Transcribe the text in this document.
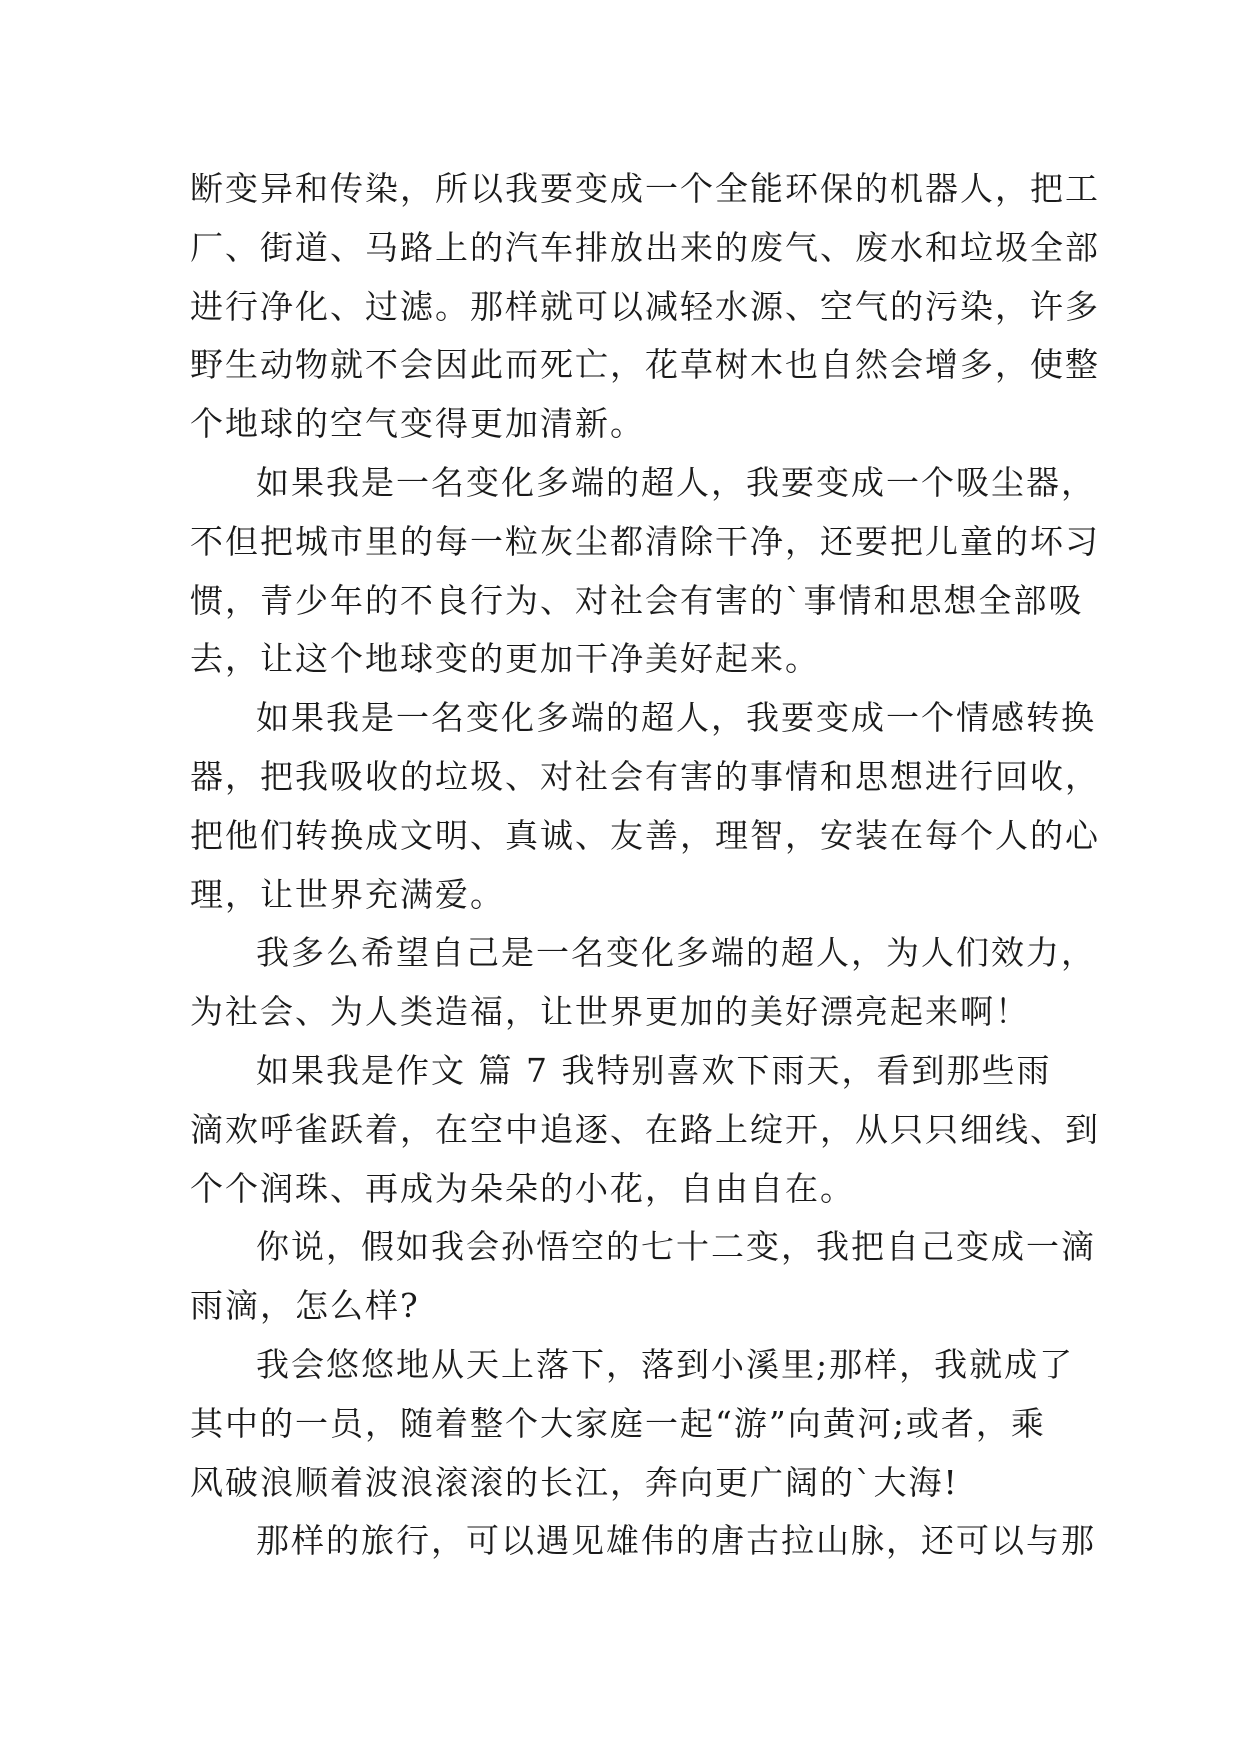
断变异和传染，所以我要变成一个全能环保的机器人，把工
厂、街道、马路上的汽车排放出来的废气、废水和垃圾全部
进行净化、过滤。那样就可以减轻水源、空气的污染，许多
野生动物就不会因此而死亡，花草树木也自然会增多，使整
个地球的空气变得更加清新。
如果我是一名变化多端的超人，我要变成一个吸尘器，
不但把城市里的每一粒灰尘都清除干净，还要把儿童的坏习
惯，青少年的不良行为、对社会有害的`事情和思想全部吸
去，让这个地球变的更加干净美好起来。
如果我是一名变化多端的超人，我要变成一个情感转换
器，把我吸收的垃圾、对社会有害的事情和思想进行回收，
把他们转换成文明、真诚、友善，理智，安装在每个人的心
理，让世界充满爱。
我多么希望自己是一名变化多端的超人，为人们效力，
为社会、为人类造福，让世界更加的美好漂亮起来啊！
如果我是作文 篇 7 我特别喜欢下雨天，看到那些雨
滴欢呼雀跃着，在空中追逐、在路上绽开，从只只细线、到
个个润珠、再成为朵朵的小花，自由自在。
你说，假如我会孙悟空的七十二变，我把自己变成一滴
雨滴，怎么样?
我会悠悠地从天上落下，落到小溪里;那样，我就成了
其中的一员，随着整个大家庭一起“游”向黄河;或者，乘
风破浪顺着波浪滚滚的长江，奔向更广阔的`大海!
那样的旅行，可以遇见雄伟的唐古拉山脉，还可以与那
